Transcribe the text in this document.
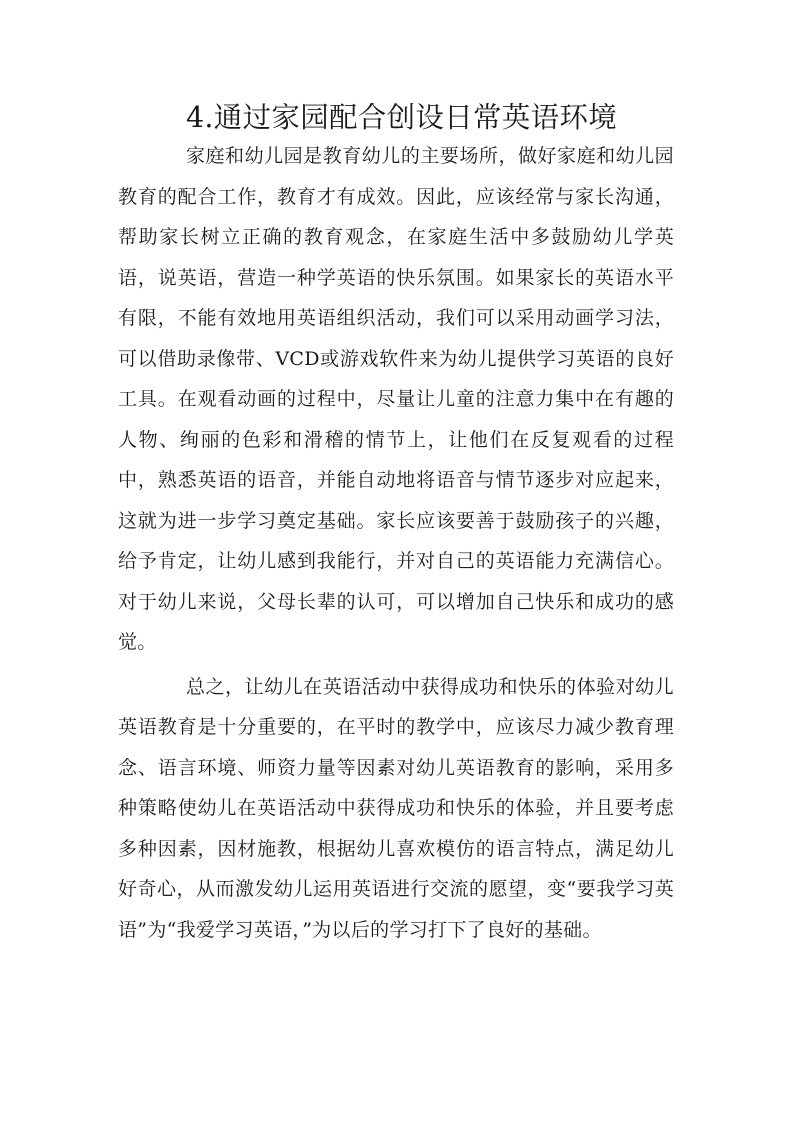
4.通过家园配合创设日常英语环境

家庭和幼儿园是教育幼儿的主要场所，做好家庭和幼儿园教育的配合工作，教育才有成效。因此，应该经常与家长沟通，帮助家长树立正确的教育观念，在家庭生活中多鼓励幼儿学英语，说英语，营造一种学英语的快乐氛围。如果家长的英语水平有限，不能有效地用英语组织活动，我们可以采用动画学习法，可以借助录像带、VCD或游戏软件来为幼儿提供学习英语的良好工具。在观看动画的过程中，尽量让儿童的注意力集中在有趣的人物、绚丽的色彩和滑稽的情节上，让他们在反复观看的过程中，熟悉英语的语音，并能自动地将语音与情节逐步对应起来，这就为进一步学习奠定基础。家长应该要善于鼓励孩子的兴趣，给予肯定，让幼儿感到我能行，并对自己的英语能力充满信心。对于幼儿来说，父母长辈的认可，可以增加自己快乐和成功的感觉。

总之，让幼儿在英语活动中获得成功和快乐的体验对幼儿英语教育是十分重要的，在平时的教学中，应该尽力减少教育理念、语言环境、师资力量等因素对幼儿英语教育的影响，采用多种策略使幼儿在英语活动中获得成功和快乐的体验，并且要考虑多种因素，因材施教，根据幼儿喜欢模仿的语言特点，满足幼儿好奇心，从而激发幼儿运用英语进行交流的愿望，变“要我学习英语”为“我爱学习英语，”为以后的学习打下了良好的基础。
